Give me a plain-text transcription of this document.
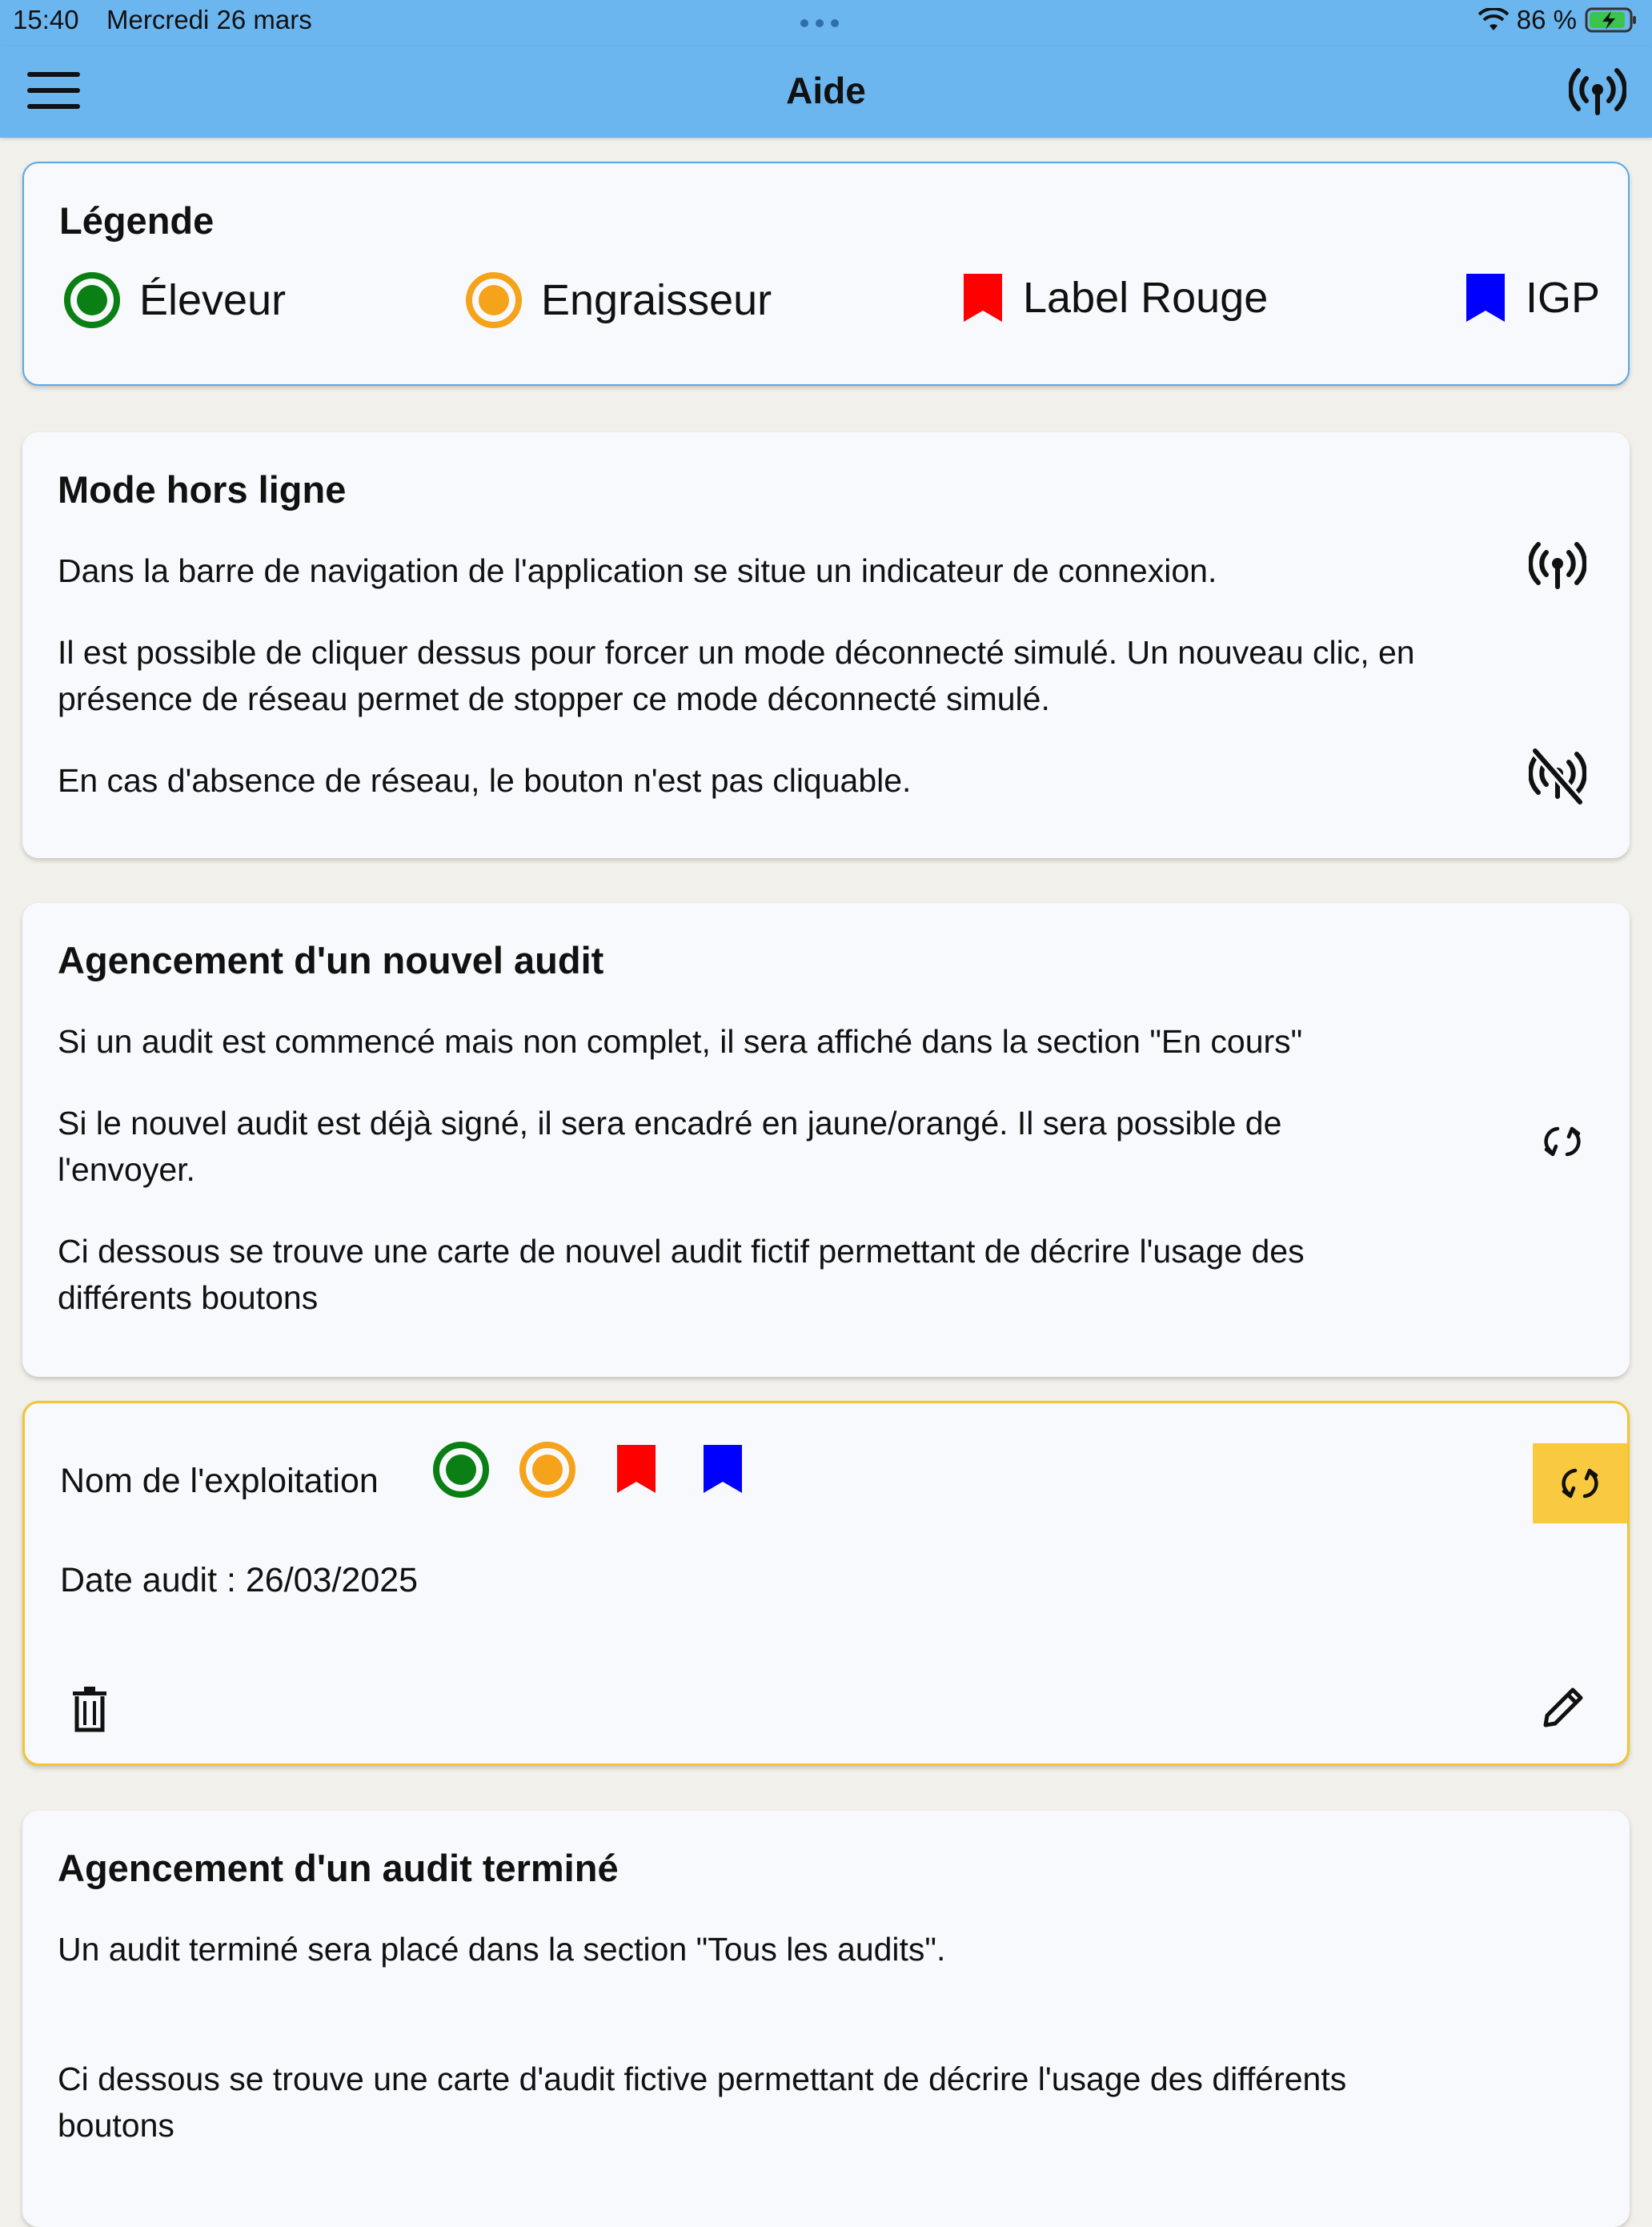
15:40 Mercredi 26 mars	86 %
Aide
Légende
Éleveur	Engraisseur	Label Rouge	IGP
Mode hors ligne

Dans la barre de navigation de l'application se situe un indicateur de connexion.

Il est possible de cliquer dessus pour forcer un mode déconnecté simulé. Un nouveau clic, en

présence de réseau permet de stopper ce mode déconnecté simulé.

En cas d'absence de réseau, le bouton n'est pas cliquable.

Agencement d'un nouvel audit

Si un audit est commencé mais non complet, il sera affiché dans la section "En cours"

Si le nouvel audit est déjà signé, il sera encadré en jaune/orangé. Il sera possible de

l'envoyer.

Ci dessous se trouve une carte de nouvel audit fictif permettant de décrire l'usage des

différents boutons

Nom de l'exploitation

Date audit : 26/03/2025

Agencement d'un audit terminé

Un audit terminé sera placé dans la section "Tous les audits".

Ci dessous se trouve une carte d'audit fictive permettant de décrire l'usage des différents

boutons
